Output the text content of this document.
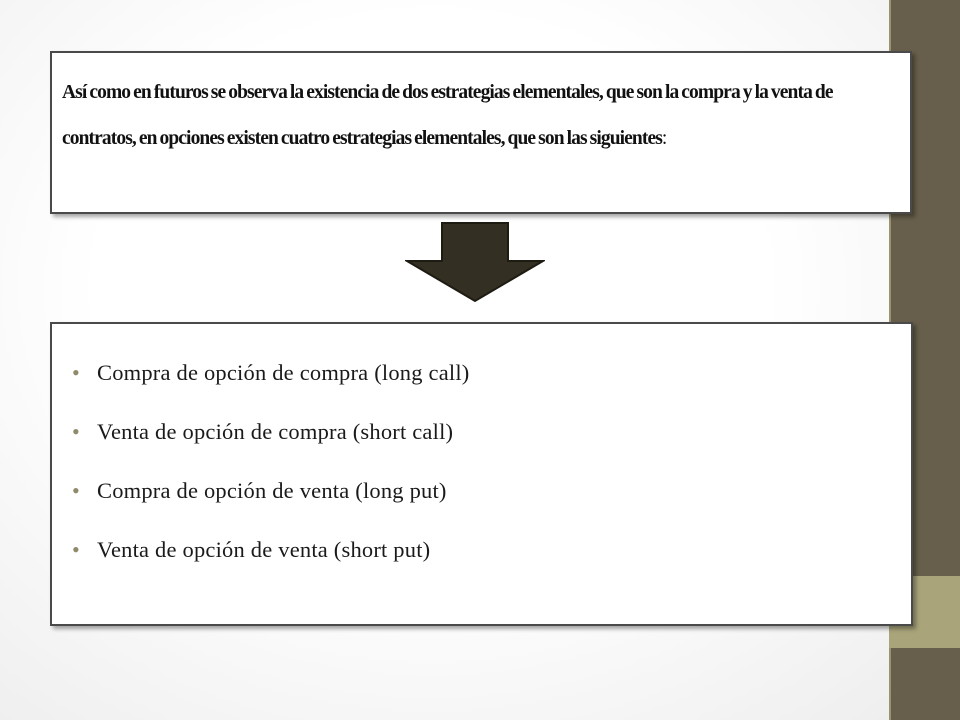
Así como en futuros se observa la existencia de dos estrategias elementales, que son la compra y la venta de contratos, en opciones existen cuatro estrategias elementales, que son las siguientes:

• Compra de opción de compra (long call)
• Venta de opción de compra (short call)
• Compra de opción de venta (long put)
• Venta de opción de venta (short put)
